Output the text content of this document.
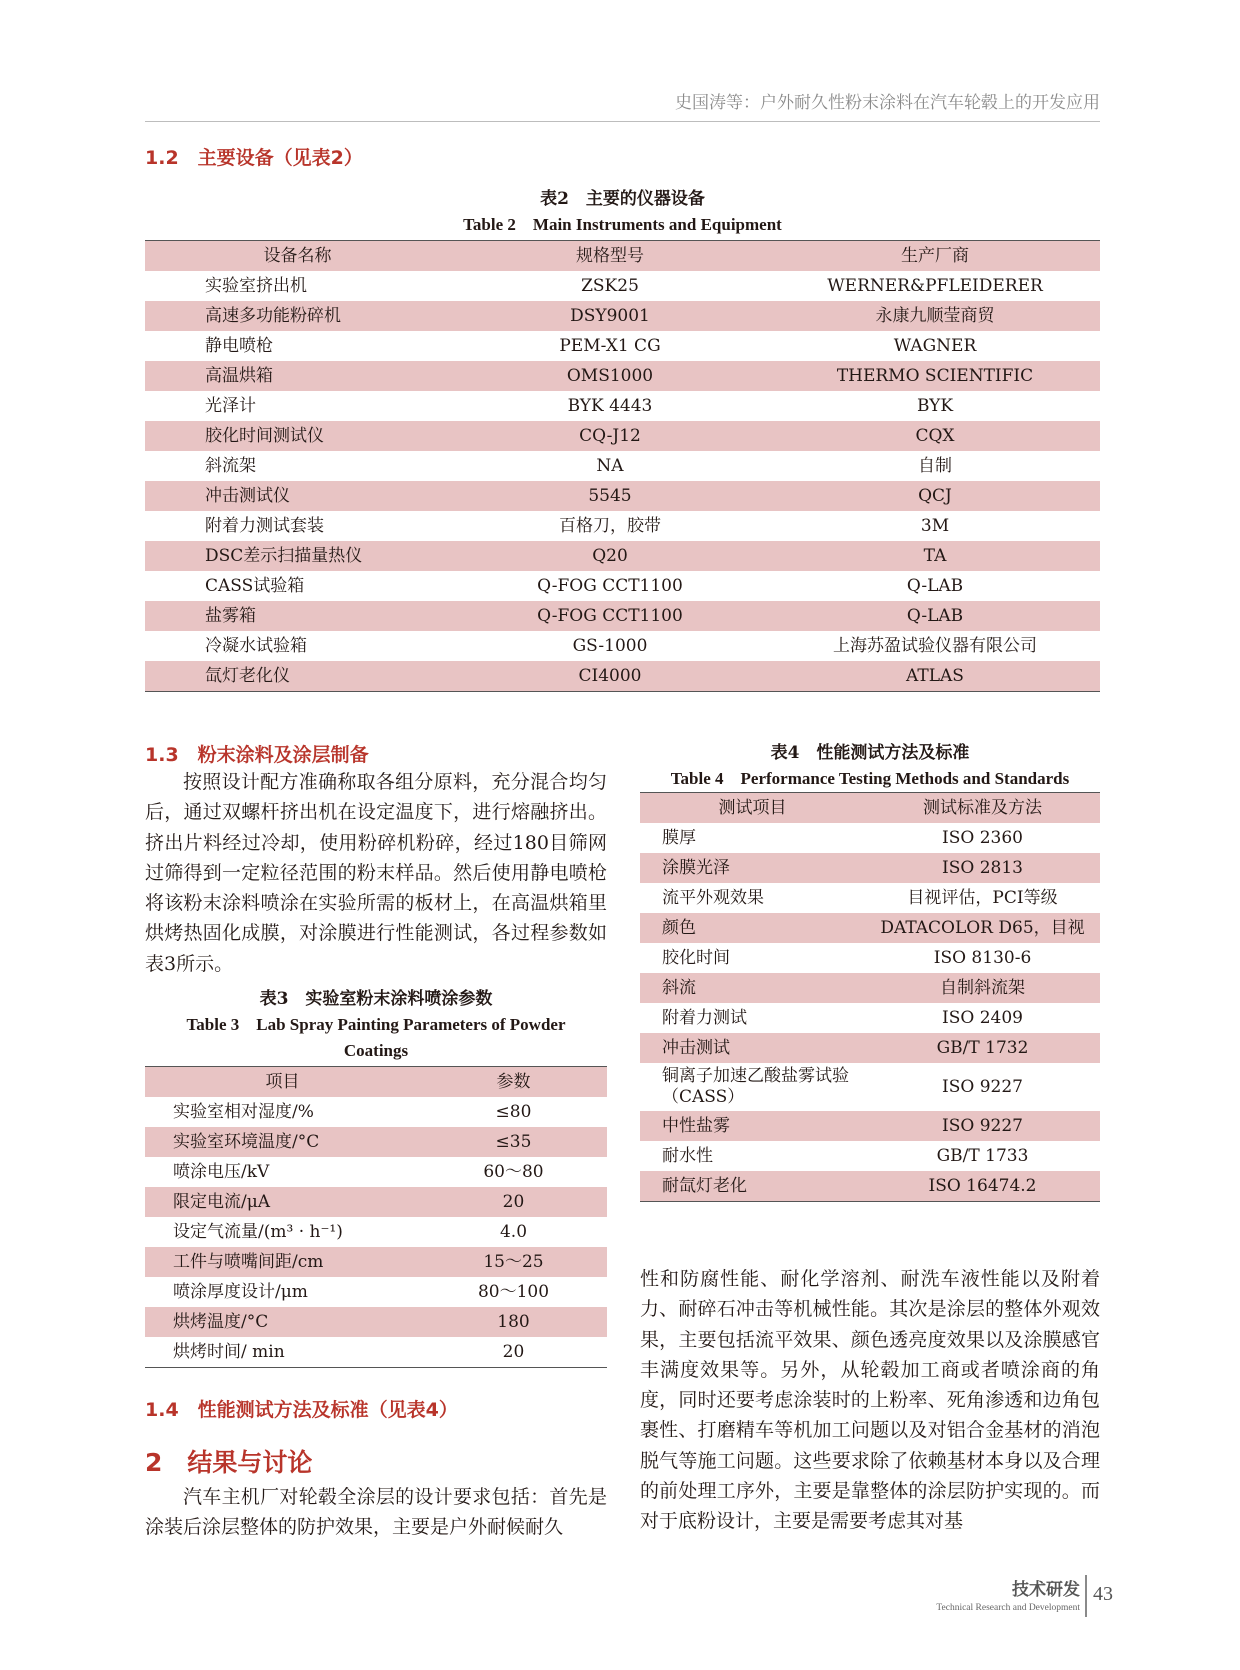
史国涛等：户外耐久性粉末涂料在汽车轮毂上的开发应用
1.2　主要设备（见表2）
表2　主要的仪器设备
Table 2　Main Instruments and Equipment
设备名称	规格型号	生产厂商
实验室挤出机	ZSK25	WERNER&PFLEIDERER
高速多功能粉碎机	DSY9001	永康九顺莹商贸
静电喷枪	PEM-X1 CG	WAGNER
高温烘箱	OMS1000	THERMO SCIENTIFIC
光泽计	BYK 4443	BYK
胶化时间测试仪	CQ-J12	CQX
斜流架	NA	自制
冲击测试仪	5545	QCJ
附着力测试套装	百格刀，胶带	3M
DSC差示扫描量热仪	Q20	TA
CASS试验箱	Q-FOG CCT1100	Q-LAB
盐雾箱	Q-FOG CCT1100	Q-LAB
冷凝水试验箱	GS-1000	上海苏盈试验仪器有限公司
氙灯老化仪	CI4000	ATLAS
1.3　粉末涂料及涂层制备
按照设计配方准确称取各组分原料，充分混合均匀后，通过双螺杆挤出机在设定温度下，进行熔融挤出。挤出片料经过冷却，使用粉碎机粉碎，经过180目筛网过筛得到一定粒径范围的粉末样品。然后使用静电喷枪将该粉末涂料喷涂在实验所需的板材上，在高温烘箱里烘烤热固化成膜，对涂膜进行性能测试，各过程参数如表3所示。
表3　实验室粉末涂料喷涂参数
Table 3　Lab Spray Painting Parameters of Powder
Coatings
项目	参数
实验室相对湿度/%	≤80
实验室环境温度/°C	≤35
喷涂电压/kV	60～80
限定电流/μA	20
设定气流量/(m³ · h⁻¹)	4.0
工件与喷嘴间距/cm	15～25
喷涂厚度设计/μm	80～100
烘烤温度/°C	180
烘烤时间/ min	20
1.4　性能测试方法及标准（见表4）
2　结果与讨论
汽车主机厂对轮毂全涂层的设计要求包括：首先是涂装后涂层整体的防护效果，主要是户外耐候耐久
表4　性能测试方法及标准
Table 4　Performance Testing Methods and Standards
测试项目	测试标准及方法
膜厚	ISO 2360
涂膜光泽	ISO 2813
流平外观效果	目视评估，PCI等级
颜色	DATACOLOR D65，目视
胶化时间	ISO 8130-6
斜流	自制斜流架
附着力测试	ISO 2409
冲击测试	GB/T 1732
铜离子加速乙酸盐雾试验（CASS）	ISO 9227
中性盐雾	ISO 9227
耐水性	GB/T 1733
耐氙灯老化	ISO 16474.2
性和防腐性能、耐化学溶剂、耐洗车液性能以及附着力、耐碎石冲击等机械性能。其次是涂层的整体外观效果，主要包括流平效果、颜色透亮度效果以及涂膜感官丰满度效果等。另外，从轮毂加工商或者喷涂商的角度，同时还要考虑涂装时的上粉率、死角渗透和边角包裹性、打磨精车等机加工问题以及对铝合金基材的消泡脱气等施工问题。这些要求除了依赖基材本身以及合理的前处理工序外，主要是靠整体的涂层防护实现的。而对于底粉设计，主要是需要考虑其对基
技术研发
Technical Research and Development
43
